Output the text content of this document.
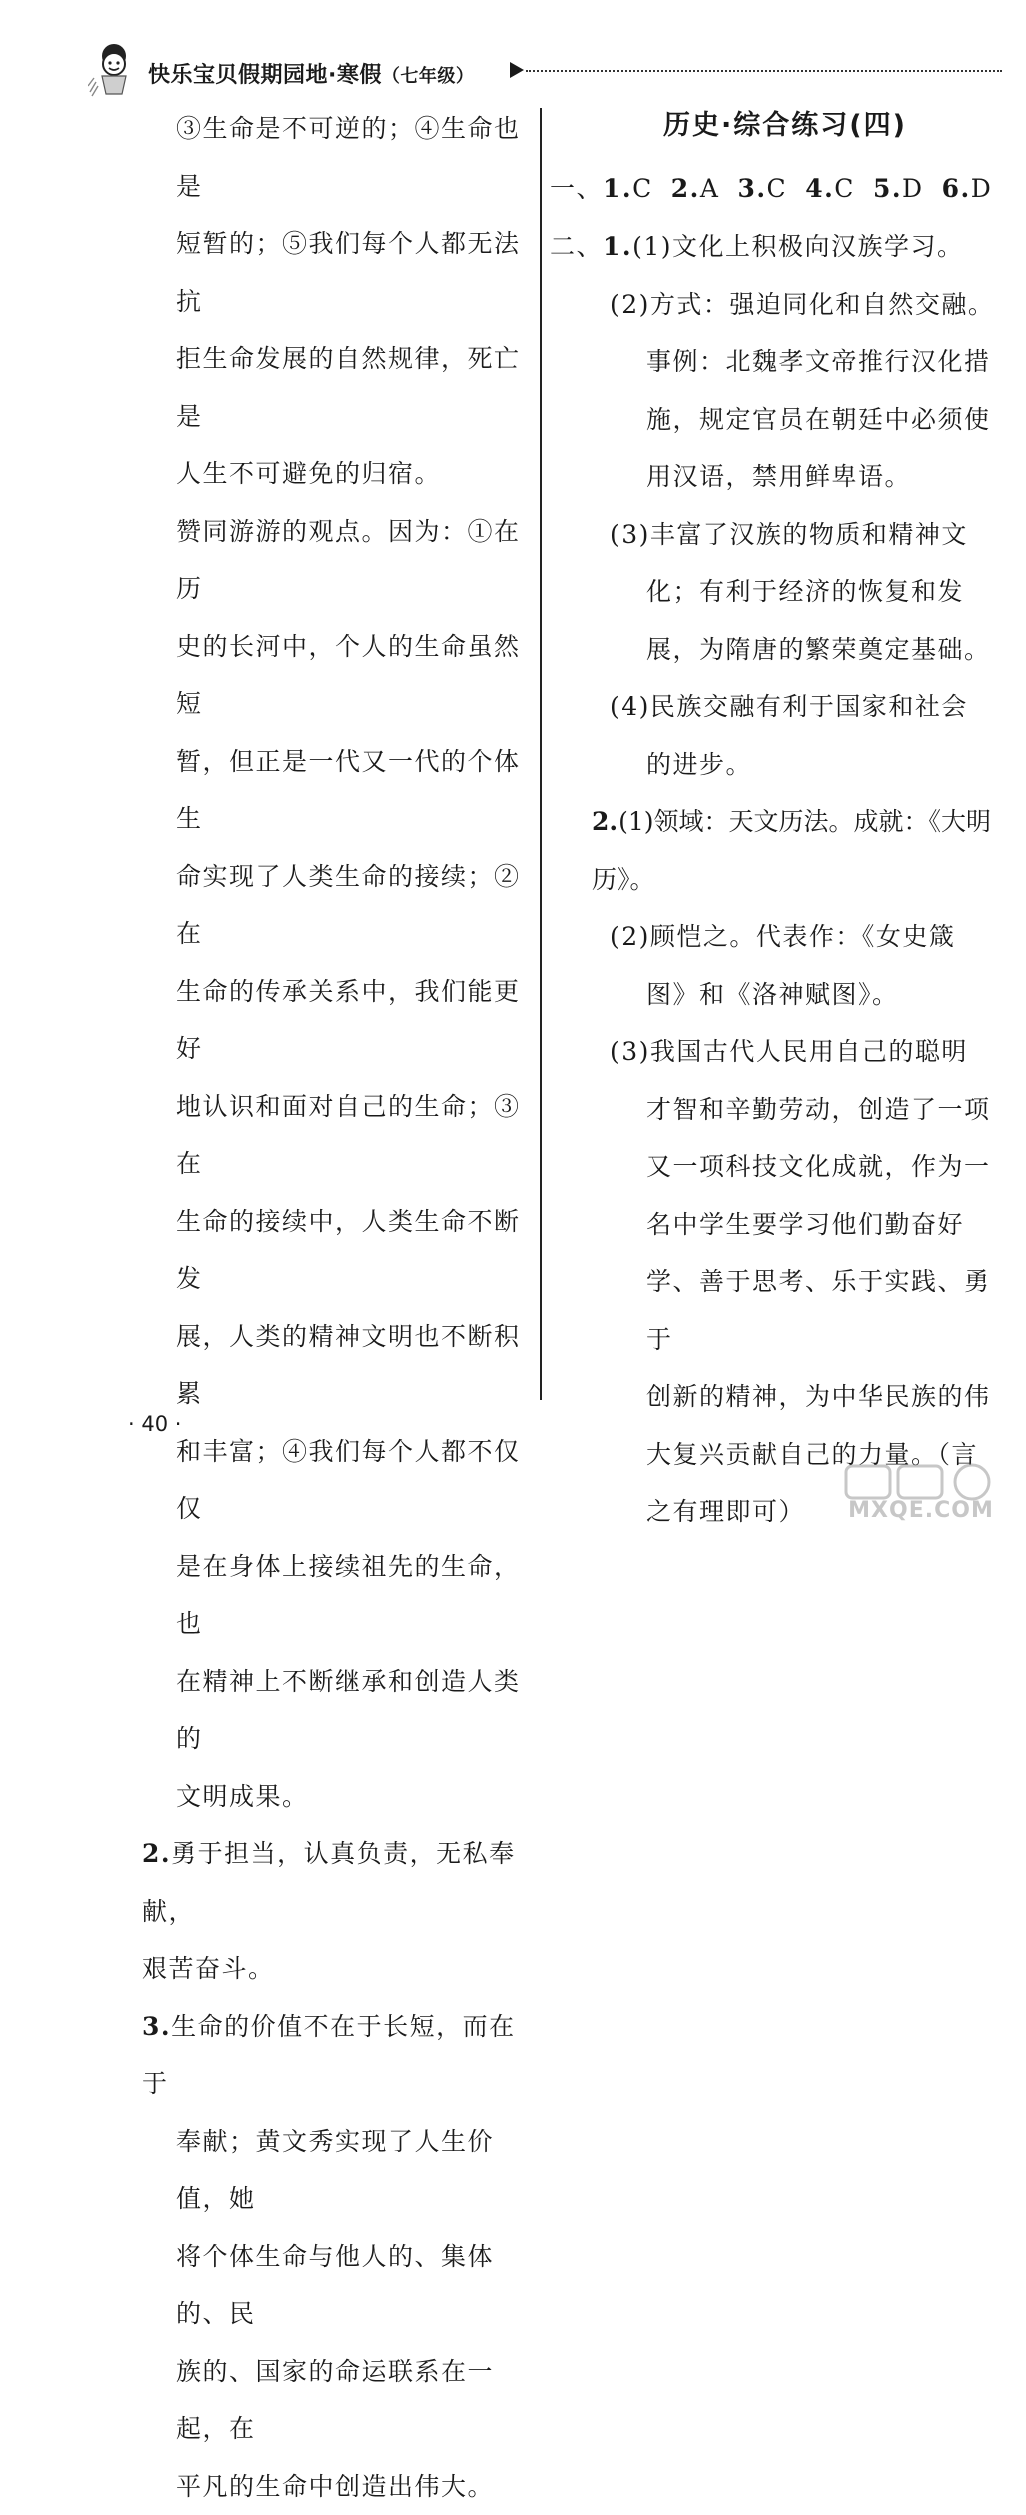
快乐宝贝假期园地·寒假（七年级）

③生命是不可逆的；④生命也是

短暂的；⑤我们每个人都无法抗

拒生命发展的自然规律，死亡是

人生不可避免的归宿。

赞同游游的观点。因为：①在历

史的长河中，个人的生命虽然短

暂，但正是一代又一代的个体生

命实现了人类生命的接续；②在

生命的传承关系中，我们能更好

地认识和面对自己的生命；③在

生命的接续中，人类生命不断发

展，人类的精神文明也不断积累

和丰富；④我们每个人都不仅仅

是在身体上接续祖先的生命，也

在精神上不断继承和创造人类的

文明成果。

2.勇于担当，认真负责，无私奉献，

艰苦奋斗。

3.生命的价值不在于长短，而在于

奉献；黄文秀实现了人生价值，她

将个体生命与他人的、集体的、民

族的、国家的命运联系在一起，在

平凡的生命中创造出伟大。

历史·综合练习(四)

一、1.C 2.A 3.C 4.C 5.D 6.D

二、1.(1)文化上积极向汉族学习。

(2)方式：强迫同化和自然交融。

事例：北魏孝文帝推行汉化措

施，规定官员在朝廷中必须使

用汉语，禁用鲜卑语。

(3)丰富了汉族的物质和精神文

化；有利于经济的恢复和发

展，为隋唐的繁荣奠定基础。

(4)民族交融有利于国家和社会

的进步。

2.(1)领域：天文历法。成就：《大明历》。

(2)顾恺之。代表作：《女史箴

图》和《洛神赋图》。

(3)我国古代人民用自己的聪明

才智和辛勤劳动，创造了一项

又一项科技文化成就，作为一

名中学生要学习他们勤奋好

学、善于思考、乐于实践、勇于

创新的精神，为中华民族的伟

大复兴贡献自己的力量。（言

之有理即可）

· 40 ·
MXQE.COM
